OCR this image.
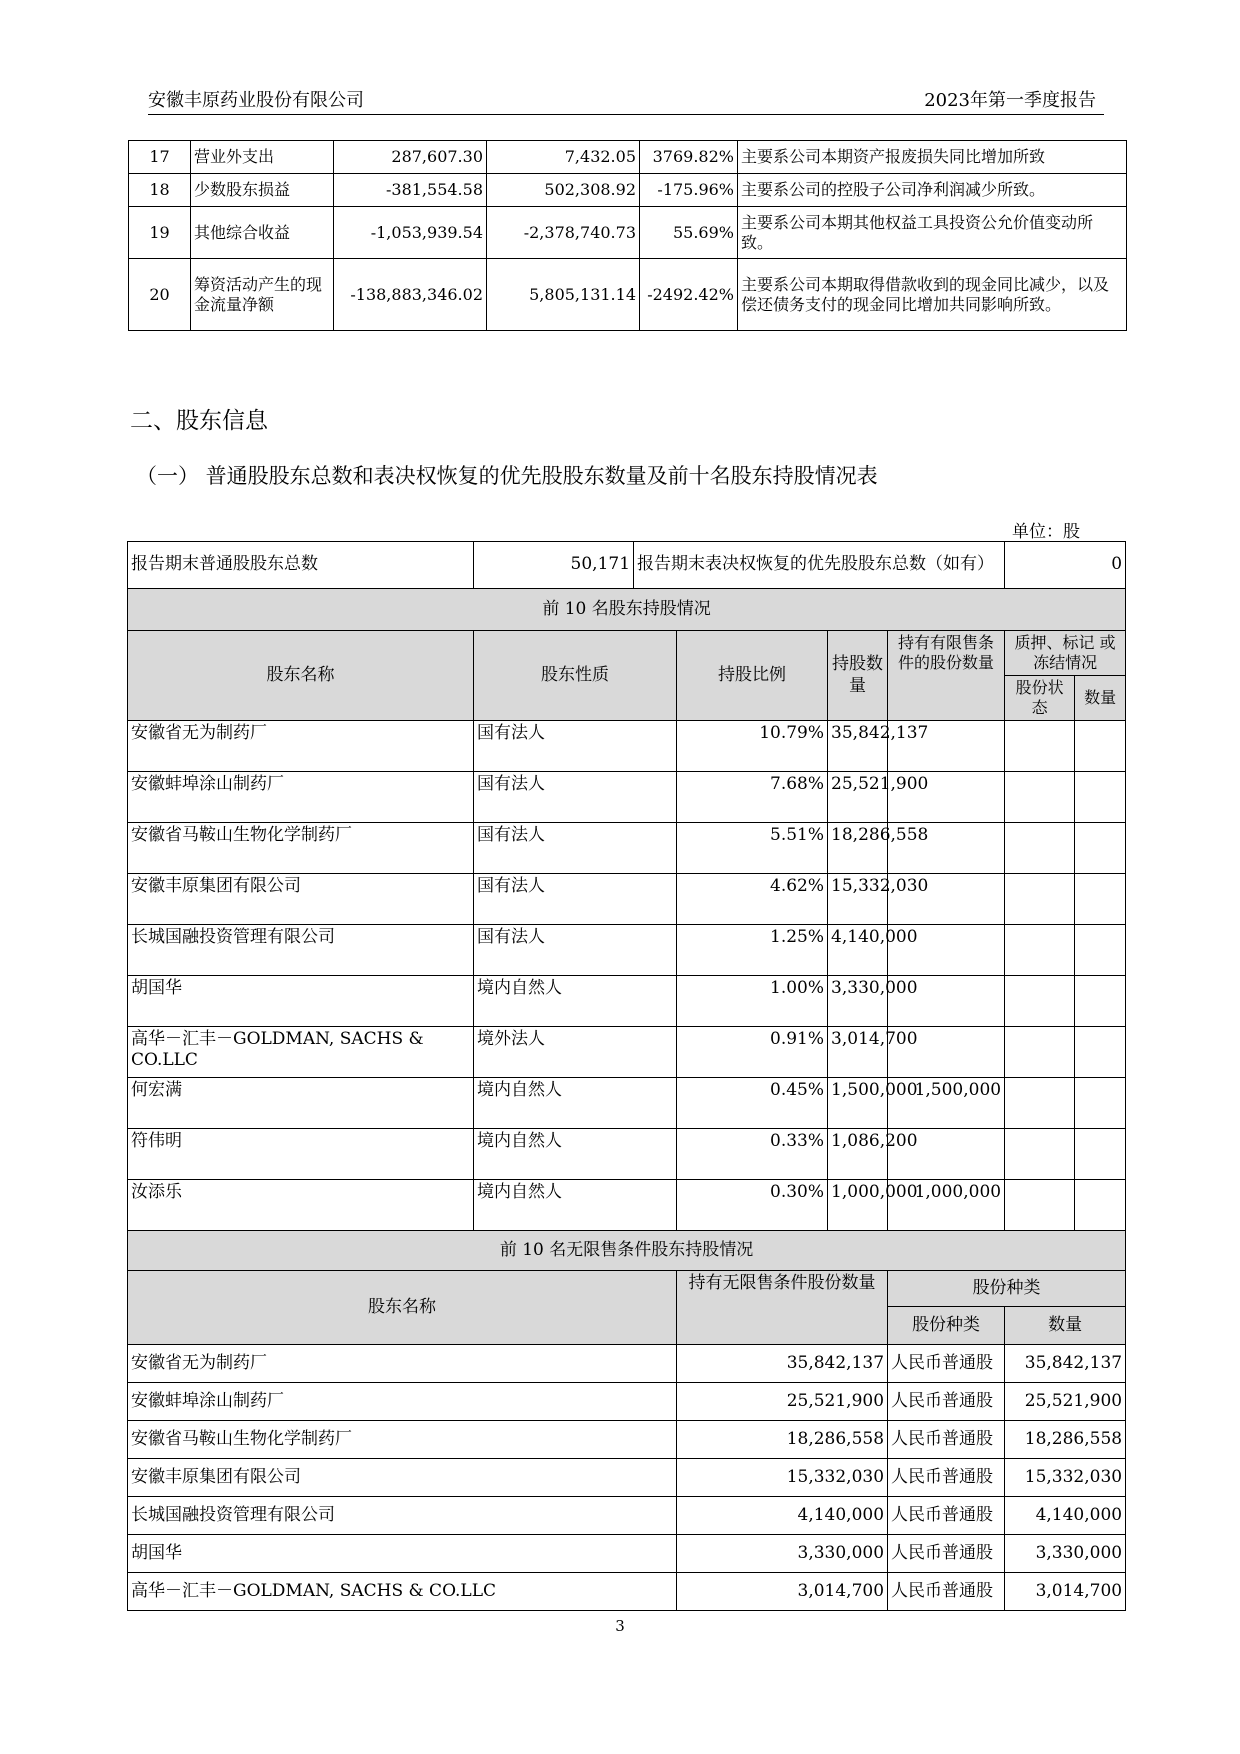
安徽丰原药业股份有限公司	2023年第一季度报告
17	营业外支出	287,607.30	7,432.05	3769.82%	主要系公司本期资产报废损失同比增加所致
18	少数股东损益	-381,554.58	502,308.92	-175.96%	主要系公司的控股子公司净利润减少所致。
19	其他综合收益	-1,053,939.54	-2,378,740.73	55.69%	主要系公司本期其他权益工具投资公允价值变动所致。
20	筹资活动产生的现金流量净额	-138,883,346.02	5,805,131.14	-2492.42%	主要系公司本期取得借款收到的现金同比减少，以及偿还债务支付的现金同比增加共同影响所致。
二、股东信息
（一） 普通股股东总数和表决权恢复的优先股股东数量及前十名股东持股情况表
单位：股
报告期末普通股股东总数	50,171	报告期末表决权恢复的优先股股东总数（如有）				0	
前 10 名股东持股情况							
股东名称	股东性质		持股比例	持股数量	持有有限售条件的股份数量	质押、标记 或冻结情况	
						股份状态	数量
安徽省无为制药厂	国有法人		10.79%	35,842,137			
安徽蚌埠涂山制药厂	国有法人		7.68%	25,521,900			
安徽省马鞍山生物化学制药厂	国有法人		5.51%	18,286,558			
安徽丰原集团有限公司	国有法人		4.62%	15,332,030			
长城国融投资管理有限公司	国有法人		1.25%	4,140,000			
胡国华	境内自然人		1.00%	3,330,000			
高华－汇丰－GOLDMAN, SACHS & CO.LLC	境外法人		0.91%	3,014,700			
何宏满	境内自然人		0.45%	1,500,000	1,500,000		
符伟明	境内自然人		0.33%	1,086,200			
汝添乐	境内自然人		0.30%	1,000,000	1,000,000		
前 10 名无限售条件股东持股情况							
股东名称			持有无限售条件股份数量		股份种类		
					股份种类	数量	
安徽省无为制药厂			35,842,137		人民币普通股	35,842,137	
安徽蚌埠涂山制药厂			25,521,900		人民币普通股	25,521,900	
安徽省马鞍山生物化学制药厂			18,286,558		人民币普通股	18,286,558	
安徽丰原集团有限公司			15,332,030		人民币普通股	15,332,030	
长城国融投资管理有限公司			4,140,000		人民币普通股	4,140,000	
胡国华			3,330,000		人民币普通股	3,330,000	
高华－汇丰－GOLDMAN, SACHS & CO.LLC			3,014,700		人民币普通股	3,014,700	
3
